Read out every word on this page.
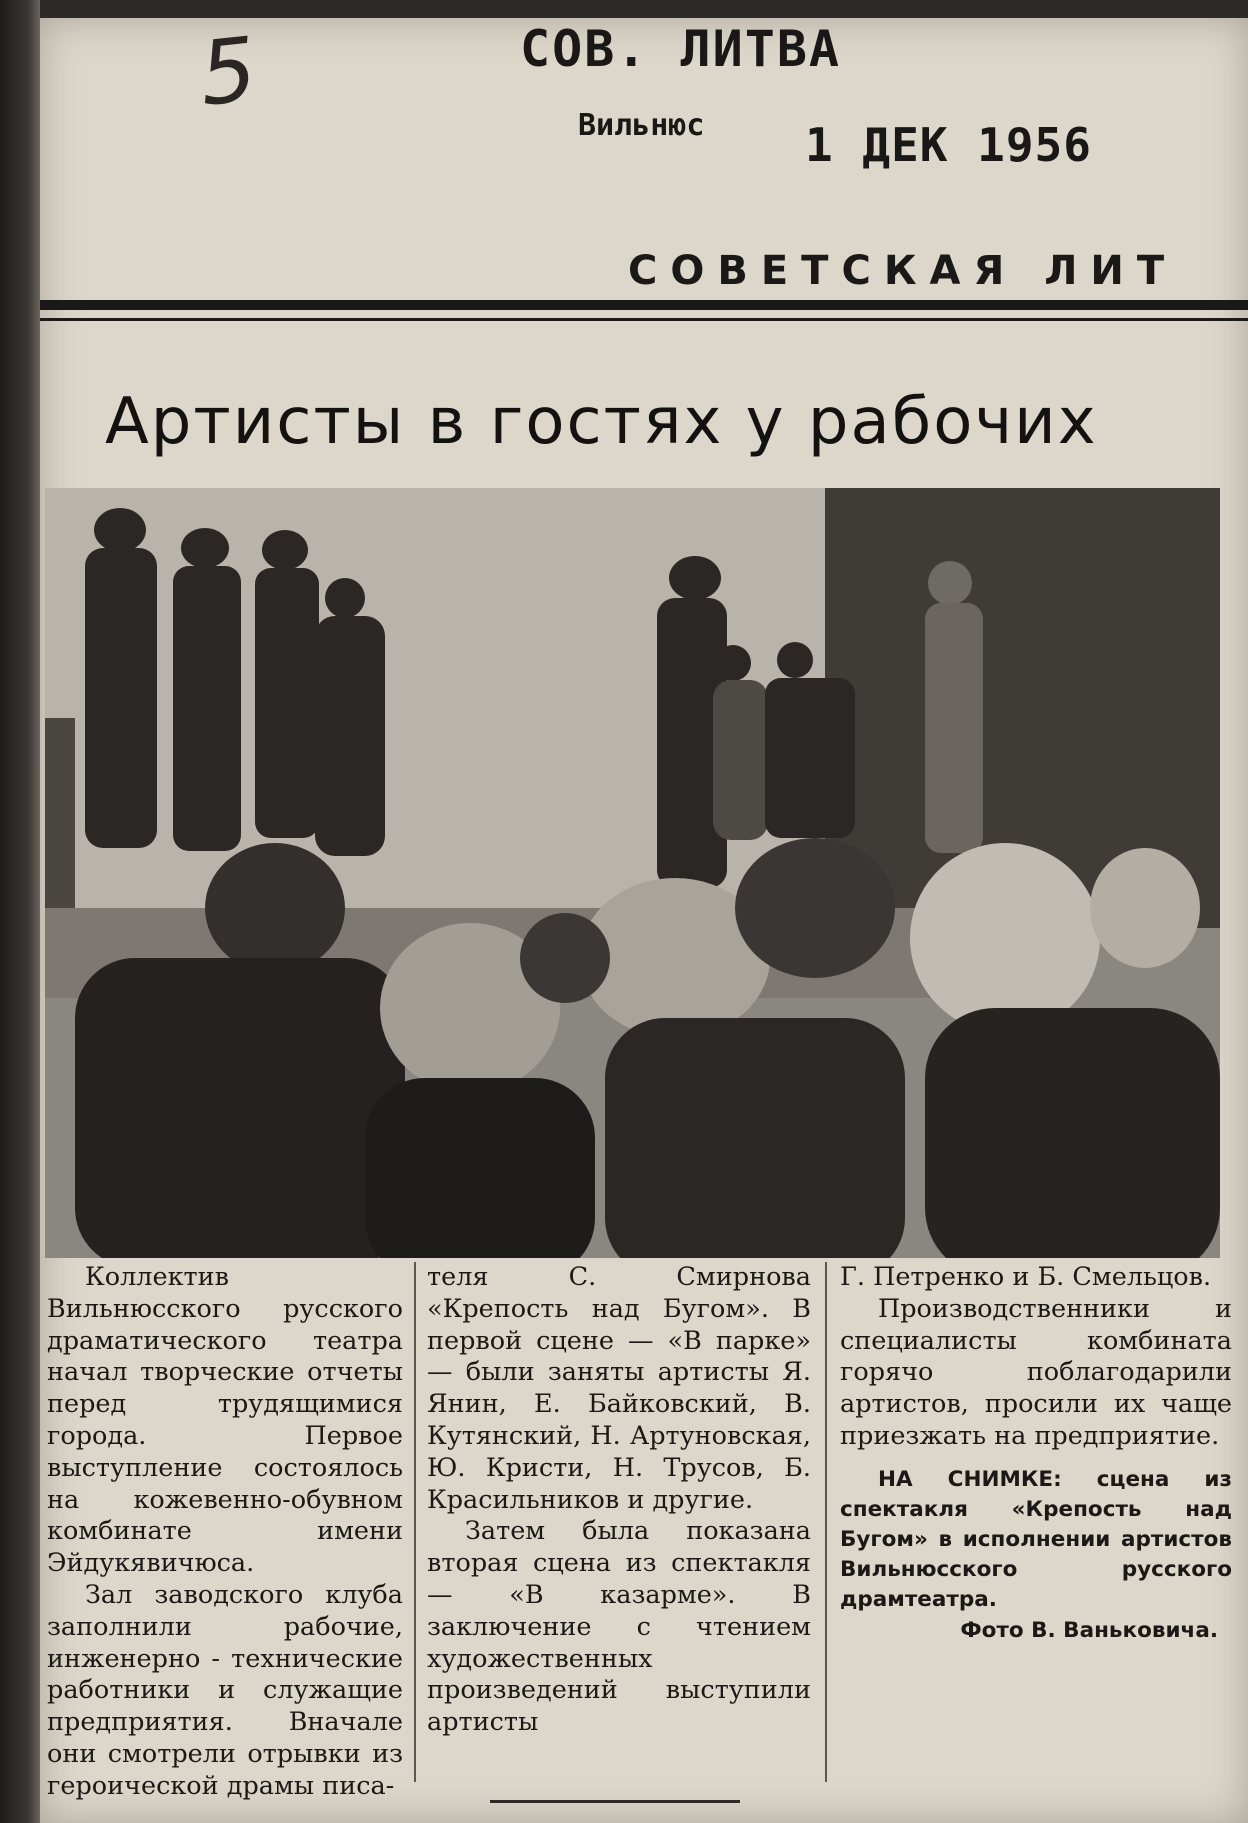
5	СОВ. ЛИТВА
Вильнюс 1 ДЕК 1956
СОВЕТСКАЯ ЛИТ
Артисты в гостях у рабочих

Коллектив Вильнюсского русского драматического театра начал творческие отчеты перед трудящимися города. Первое выступление состоялось на кожевенно-обувном комбинате имени Эйдукявичюса.

Зал заводского клуба заполнили рабочие, инженерно - технические работники и служащие предприятия. Вначале они смотрели отрывки из героической драмы писа-

теля С. Смирнова «Крепость над Бугом». В первой сцене — «В парке» — были заняты артисты Я. Янин, Е. Байковский, В. Кутянский, Н. Артуновская, Ю. Кристи, Н. Трусов, Б. Красильников и другие.

Затем была показана вторая сцена из спектакля — «В казарме». В заключение с чтением художественных произведений выступили артисты

Г. Петренко и Б. Смельцов.

Производственники и специалисты комбината горячо поблагодарили артистов, просили их чаще приезжать на предприятие.

НА СНИМКЕ: сцена из спектакля «Крепость над Бугом» в исполнении артистов Вильнюсского русского драмтеатра.
Фото В. Ваньковича.
